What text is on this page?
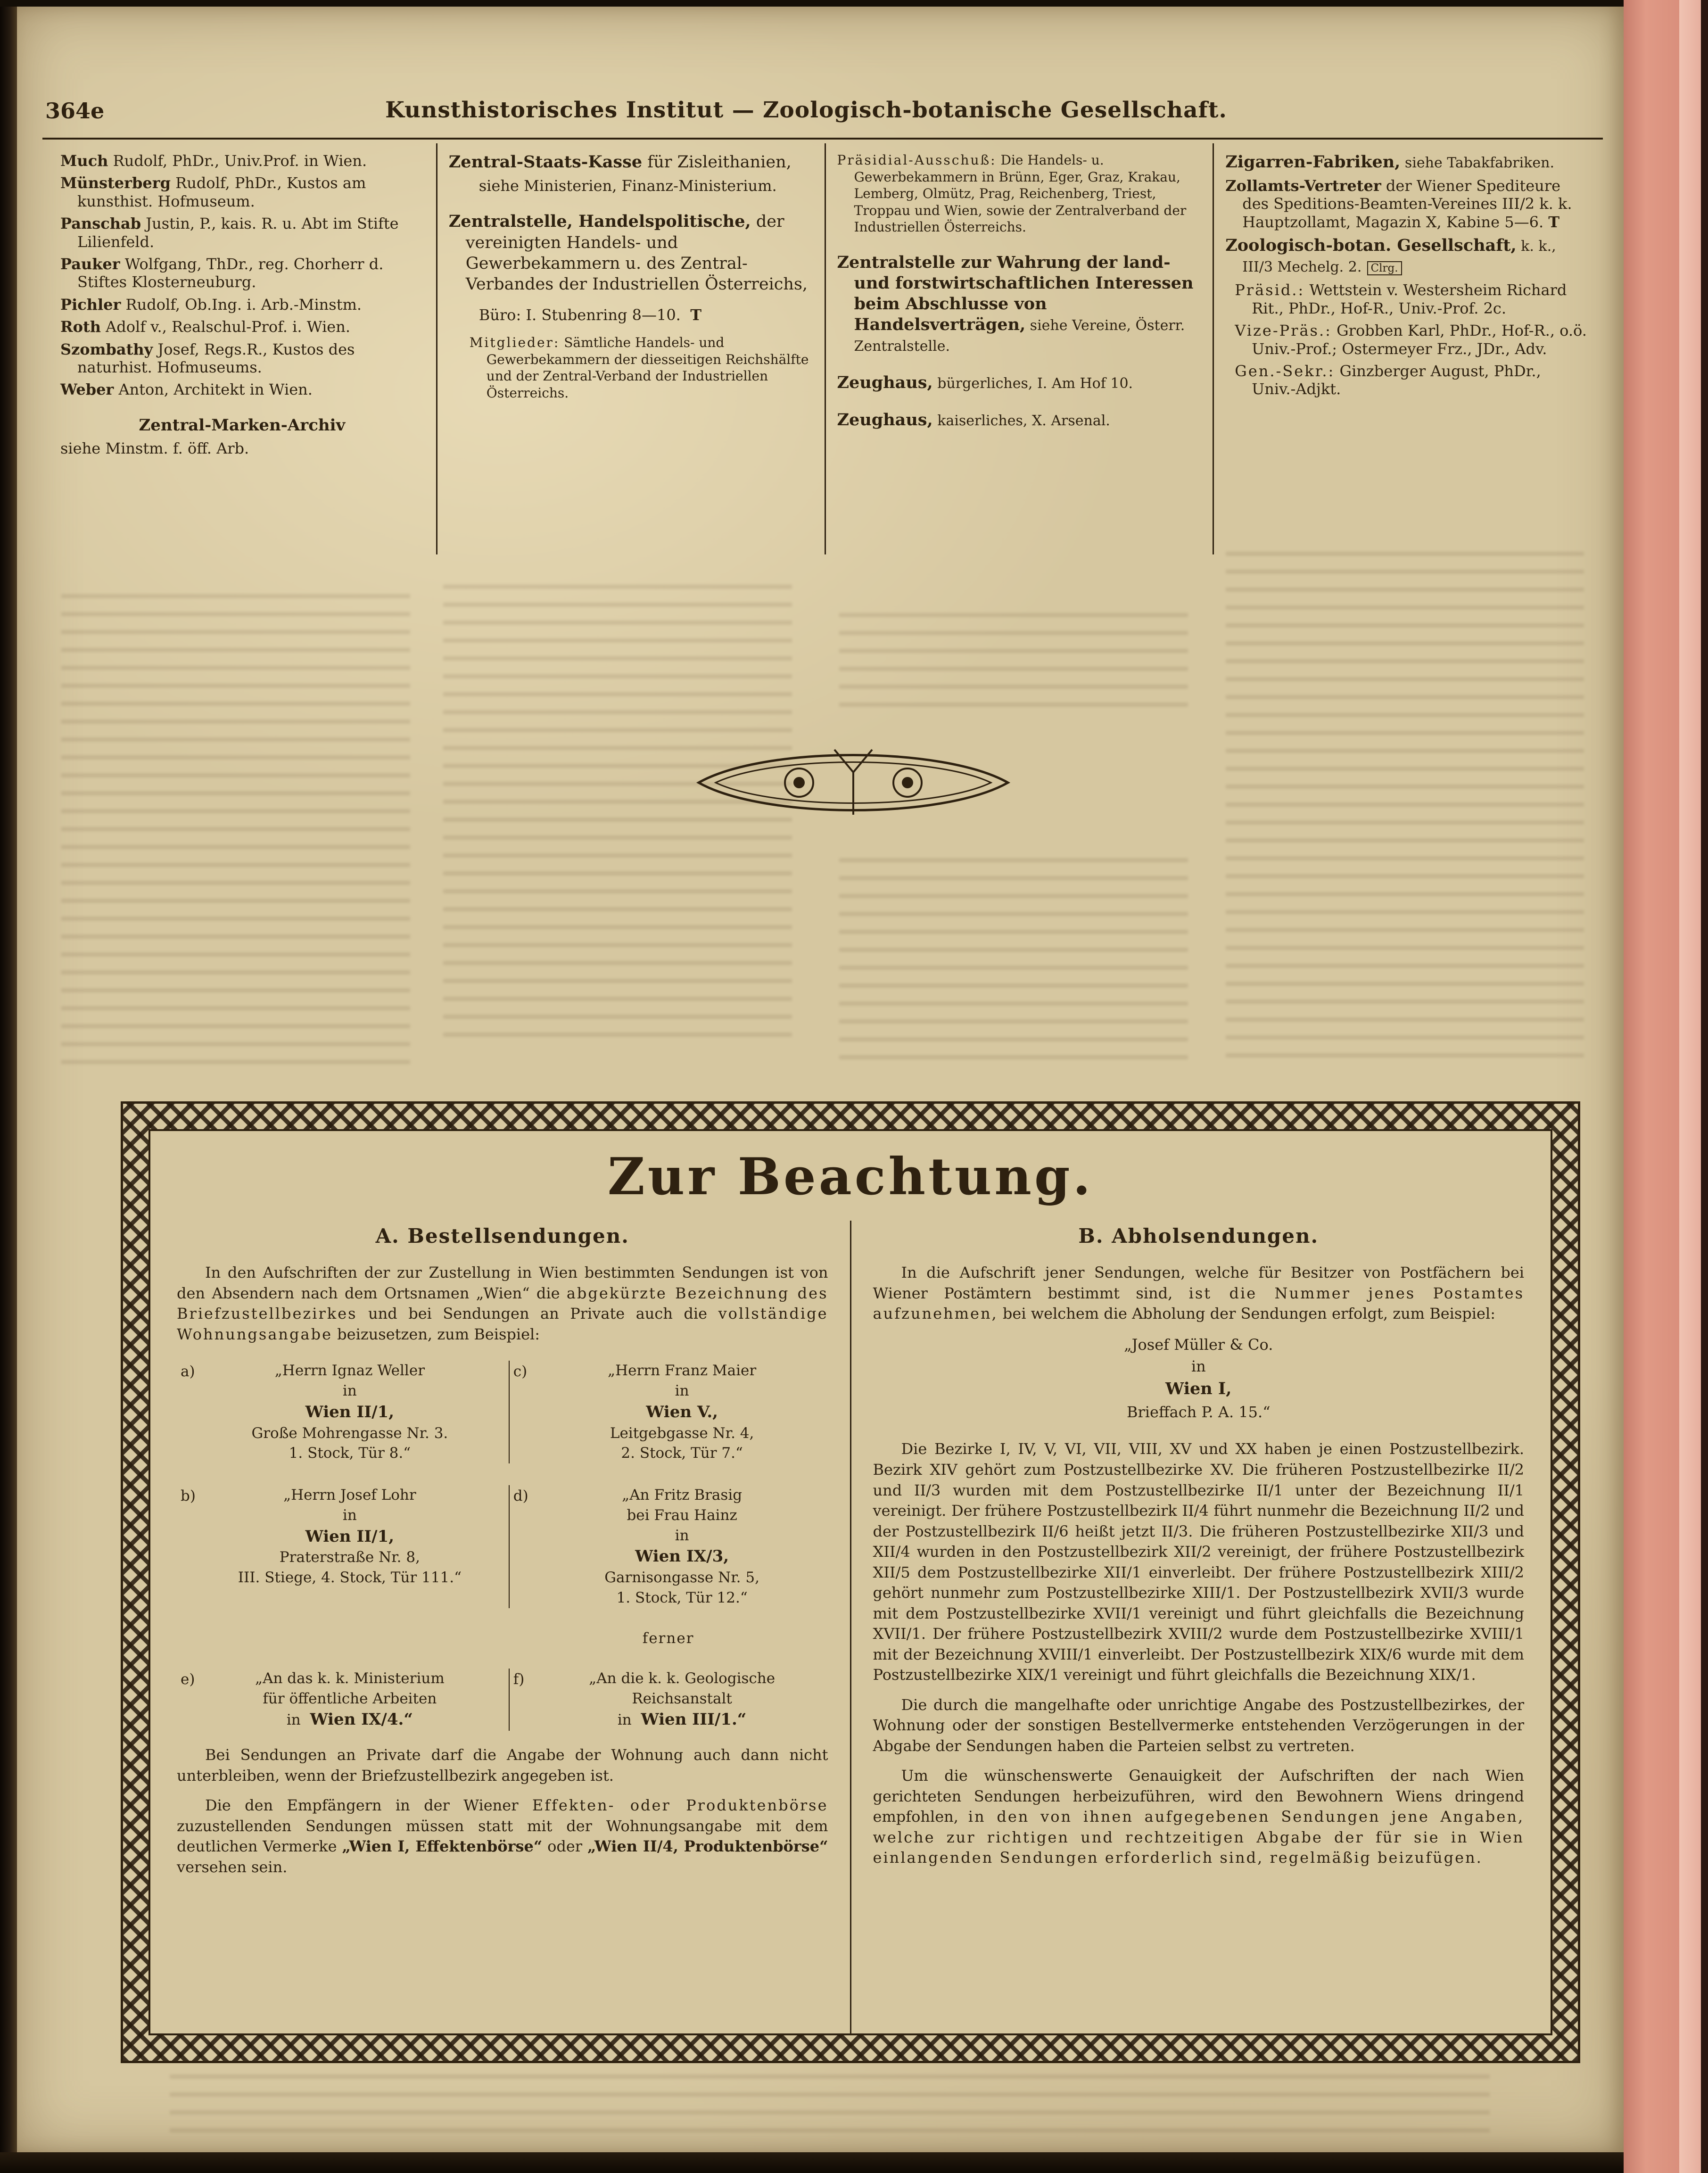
364e	Kunsthistorisches Institut — Zoologisch-botanische Gesellschaft.

Much Rudolf, PhDr., Univ.Prof. in Wien.

Münsterberg Rudolf, PhDr., Kustos am kunsthist. Hofmuseum.

Panschab Justin, P., kais. R. u. Abt im Stifte Lilienfeld.

Pauker Wolfgang, ThDr., reg. Chorherr d. Stiftes Klosterneuburg.

Pichler Rudolf, Ob.Ing. i. Arb.-Minstm.

Roth Adolf v., Realschul-Prof. i. Wien.

Szombathy Josef, Regs.R., Kustos des naturhist. Hofmuseums.

Weber Anton, Architekt in Wien.

Zentral-Marken-Archiv

siehe Minstm. f. öff. Arb.

Zentral-Staats-Kasse für Zisleithanien,

siehe Ministerien, Finanz-Ministerium.

Zentralstelle, Handelspolitische, der vereinigten Handels- und Gewerbekammern u. des Zentral-Verbandes der Industriellen Österreichs,

Büro: I. Stubenring 8—10. T

Mitglieder: Sämtliche Handels- und Gewerbekammern der diesseitigen Reichshälfte und der Zentral-Verband der Industriellen Österreichs.

Präsidial-Ausschuß: Die Handels- u. Gewerbekammern in Brünn, Eger, Graz, Krakau, Lemberg, Olmütz, Prag, Reichenberg, Triest, Troppau und Wien, sowie der Zentralverband der Industriellen Österreichs.

Zentralstelle zur Wahrung der land- und forstwirtschaftlichen Interessen beim Abschlusse von Handelsverträgen, siehe Vereine, Österr. Zentralstelle.

Zeughaus, bürgerliches, I. Am Hof 10.

Zeughaus, kaiserliches, X. Arsenal.

Zigarren-Fabriken, siehe Tabakfabriken.

Zollamts-Vertreter der Wiener Spediteure des Speditions-Beamten-Vereines III/2 k. k. Hauptzollamt, Magazin X, Kabine 5—6. T

Zoologisch-botan. Gesellschaft, k. k., III/3 Mechelg. 2. Clrg.

Präsid.: Wettstein v. Westersheim Richard Rit., PhDr., Hof-R., Univ.-Prof. 2c.

Vize-Präs.: Grobben Karl, PhDr., Hof-R., o.ö. Univ.-Prof.; Ostermeyer Frz., JDr., Adv.

Gen.-Sekr.: Ginzberger August, PhDr., Univ.-Adjkt.

Zur Beachtung.
A. Bestellsendungen.

In den Aufschriften der zur Zustellung in Wien bestimmten Sendungen ist von den Absendern nach dem Ortsnamen „Wien“ die abgekürzte Bezeichnung des Briefzustellbezirkes und bei Sendungen an Private auch die vollständige Wohnungsangabe beizusetzen, zum Beispiel:

a)	„Herrn Ignaz Weller
in
Wien II/1,
Große Mohrengasse Nr. 3.
1. Stock, Tür 8.“
c)	„Herrn Franz Maier
in
Wien V.,
Leitgebgasse Nr. 4,
2. Stock, Tür 7.“
b)	„Herrn Josef Lohr
in
Wien II/1,
Praterstraße Nr. 8,
III. Stiege, 4. Stock, Tür 111.“
d)	„An Fritz Brasig
bei Frau Hainz
in
Wien IX/3,
Garnisongasse Nr. 5,
1. Stock, Tür 12.“
ferner
e)	„An das k. k. Ministerium
für öffentliche Arbeiten
in Wien IX/4.“
f)	„An die k. k. Geologische
Reichsanstalt
in Wien III/1.“

Bei Sendungen an Private darf die Angabe der Wohnung auch dann nicht unterbleiben, wenn der Briefzustellbezirk angegeben ist.

Die den Empfängern in der Wiener Effekten- oder Produktenbörse zuzustellenden Sendungen müssen statt mit der Wohnungsangabe mit dem deutlichen Vermerke „Wien I, Effektenbörse“ oder „Wien II/4, Produktenbörse“ versehen sein.

B. Abholsendungen.

In die Aufschrift jener Sendungen, welche für Besitzer von Postfächern bei Wiener Postämtern bestimmt sind, ist die Nummer jenes Postamtes aufzunehmen, bei welchem die Abholung der Sendungen erfolgt, zum Beispiel:

„Josef Müller & Co.
in
Wien I,
Brieffach P. A. 15.“

Die Bezirke I, IV, V, VI, VII, VIII, XV und XX haben je einen Postzustellbezirk. Bezirk XIV gehört zum Postzustellbezirke XV. Die früheren Postzustellbezirke II/2 und II/3 wurden mit dem Postzustellbezirke II/1 unter der Bezeichnung II/1 vereinigt. Der frühere Postzustellbezirk II/4 führt nunmehr die Bezeichnung II/2 und der Postzustellbezirk II/6 heißt jetzt II/3. Die früheren Postzustellbezirke XII/3 und XII/4 wurden in den Postzustellbezirk XII/2 vereinigt, der frühere Postzustellbezirk XII/5 dem Postzustellbezirke XII/1 einverleibt. Der frühere Postzustellbezirk XIII/2 gehört nunmehr zum Postzustellbezirke XIII/1. Der Postzustellbezirk XVII/3 wurde mit dem Postzustellbezirke XVII/1 vereinigt und führt gleichfalls die Bezeichnung XVII/1. Der frühere Postzustellbezirk XVIII/2 wurde dem Postzustellbezirke XVIII/1 mit der Bezeichnung XVIII/1 einverleibt. Der Postzustellbezirk XIX/6 wurde mit dem Postzustellbezirke XIX/1 vereinigt und führt gleichfalls die Bezeichnung XIX/1.

Die durch die mangelhafte oder unrichtige Angabe des Postzustellbezirkes, der Wohnung oder der sonstigen Bestellvermerke entstehenden Verzögerungen in der Abgabe der Sendungen haben die Parteien selbst zu vertreten.

Um die wünschenswerte Genauigkeit der Aufschriften der nach Wien gerichteten Sendungen herbeizuführen, wird den Bewohnern Wiens dringend empfohlen, in den von ihnen aufgegebenen Sendungen jene Angaben, welche zur richtigen und rechtzeitigen Abgabe der für sie in Wien einlangenden Sendungen erforderlich sind, regelmäßig beizufügen.
